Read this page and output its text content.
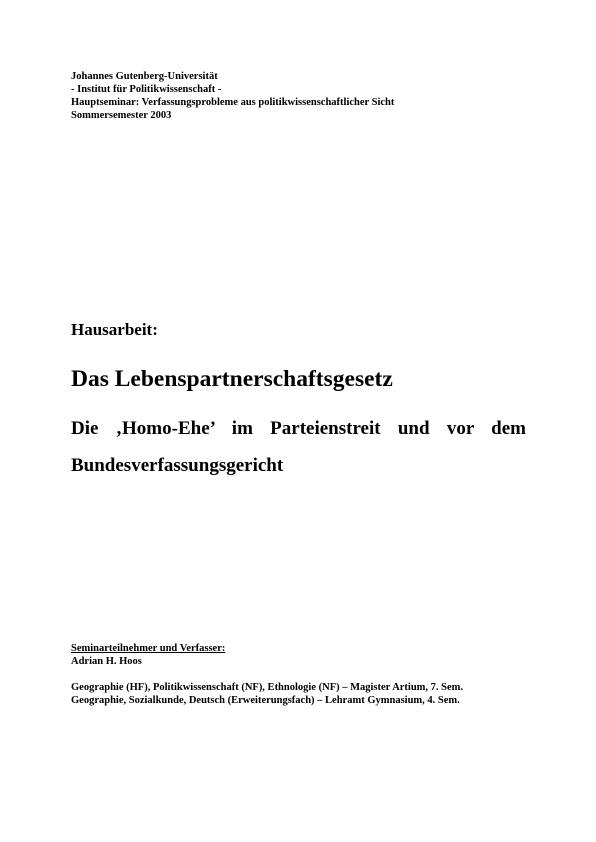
Johannes Gutenberg-Universität
- Institut für Politikwissenschaft -
Hauptseminar: Verfassungsprobleme aus politikwissenschaftlicher Sicht
Sommersemester 2003
Hausarbeit:
Das Lebenspartnerschaftsgesetz
Die ‚Homo-Ehe’ im Parteienstreit und vor dem
Bundesverfassungsgericht
Seminarteilnehmer und Verfasser:
Adrian H. Hoos
Geographie (HF), Politikwissenschaft (NF), Ethnologie (NF) – Magister Artium, 7. Sem.
Geographie, Sozialkunde, Deutsch (Erweiterungsfach) – Lehramt Gymnasium, 4. Sem.
